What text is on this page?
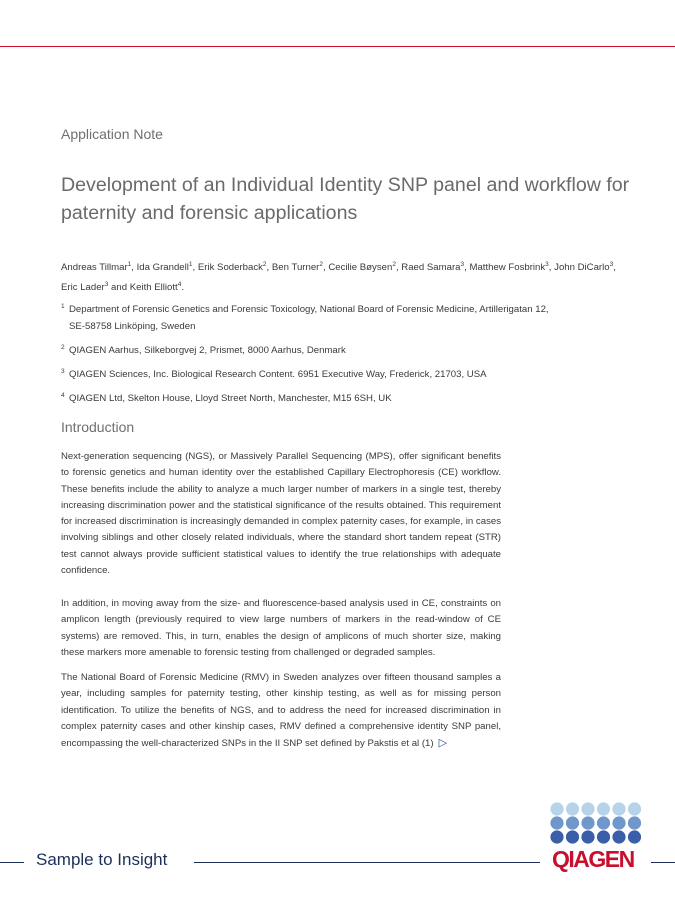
Application Note
Development of an Individual Identity SNP panel and workflow for paternity and forensic applications
Andreas Tillmar$^1$, Ida Grandell$^1$, Erik Soderback$^2$, Ben Turner$^2$, Cecilie Bøysen$^2$, Raed Samara$^3$, Matthew Fosbrink$^3$, John DiCarlo$^3$, Eric Lader$^3$ and Keith Elliott$^4$.
1 Department of Forensic Genetics and Forensic Toxicology, National Board of Forensic Medicine, Artillerigatan 12,
SE-58758 Linköping, Sweden
2 QIAGEN Aarhus, Silkeborgvej 2, Prismet, 8000 Aarhus, Denmark
3 QIAGEN Sciences, Inc. Biological Research Content. 6951 Executive Way, Frederick, 21703, USA
4 QIAGEN Ltd, Skelton House, Lloyd Street North, Manchester, M15 6SH, UK
Introduction

Next-generation sequencing (NGS), or Massively Parallel Sequencing (MPS), offer significant benefits to forensic genetics and human identity over the established Capillary Electrophoresis (CE) workflow. These benefits include the ability to analyze a much larger number of markers in a single test, thereby increasing discrimination power and the statistical significance of the results obtained. This requirement for increased discrimination is increasingly demanded in complex paternity cases, for example, in cases involving siblings and other closely related individuals, where the standard short tandem repeat (STR) test cannot always provide sufficient statistical values to identify the true relationships with adequate confidence.

In addition, in moving away from the size- and fluorescence-based analysis used in CE, constraints on amplicon length (previously required to view large numbers of markers in the read-window of CE systems) are removed. This, in turn, enables the design of amplicons of much shorter size, making these markers more amenable to forensic testing from challenged or degraded samples.

The National Board of Forensic Medicine (RMV) in Sweden analyzes over fifteen thousand samples a year, including samples for paternity testing, other kinship testing, as well as for missing person identification. To utilize the benefits of NGS, and to address the need for increased discrimination in complex paternity cases and other kinship cases, RMV defined a comprehensive identity SNP panel, encompassing the well-characterized SNPs in the II SNP set defined by Pakstis et al (1) ▷

Sample to Insight	QIAGEN
